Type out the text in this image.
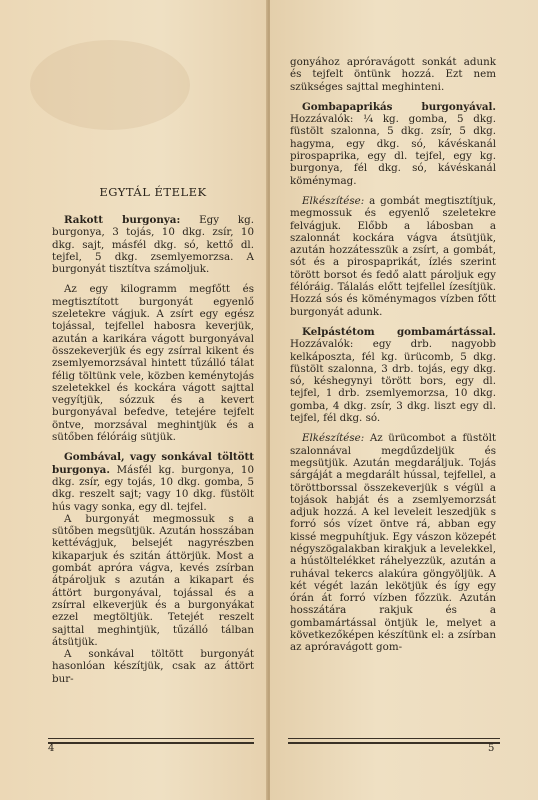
EGYTÁL ÉTELEK

Rakott burgonya: Egy kg. burgonya, 3 tojás, 10 dkg. zsír, 10 dkg. sajt, másfél dkg. só, kettő dl. tejfel, 5 dkg. zsemlyemorzsa. A burgonyát tisztítva számoljuk.

Az egy kilogramm megfőtt és megtisztított burgonyát egyenlő szeletekre vágjuk. A zsírt egy egész tojással, tejfellel habosra keverjük, azután a karikára vágott burgonyával összekeverjük és egy zsírral kikent és zsemlyemorzsával hintett tűzálló tálat félig töltünk vele, közben keménytojás szeletekkel és kockára vágott sajttal vegyítjük, sózzuk és a kevert burgonyával befedve, tetejére tejfelt öntve, morzsával meghintjük és a sütőben félóráig sütjük.

Gombával, vagy sonkával töltött burgonya. Másfél kg. burgonya, 10 dkg. zsír, egy tojás, 10 dkg. gomba, 5 dkg. reszelt sajt; vagy 10 dkg. füstölt hús vagy sonka, egy dl. tejfel.

A burgonyát megmossuk s a sütőben megsütjük. Azután hosszában kettévágjuk, belsejét nagyrészben kikaparjuk és szitán áttörjük. Most a gombát apróra vágva, kevés zsírban átpároljuk s azután a kikapart és áttört burgonyával, tojással és a zsírral elkeverjük és a burgonyákat ezzel megtöltjük. Tetejét reszelt sajttal meghintjük, tűzálló tálban átsütjük.

A sonkával töltött burgonyát hasonlóan készítjük, csak az áttört bur-

4

gonyához apróravágott sonkát adunk és tejfelt öntünk hozzá. Ezt nem szükséges sajttal meghinteni.

Gombapaprikás burgonyával. Hozzávalók: ¼ kg. gomba, 5 dkg. füstölt szalonna, 5 dkg. zsír, 5 dkg. hagyma, egy dkg. só, kávéskanál pirospaprika, egy dl. tejfel, egy kg. burgonya, fél dkg. só, kávéskanál köménymag.

Elkészítése: a gombát megtisztítjuk, megmossuk és egyenlő szeletekre felvágjuk. Előbb a lábosban a szalonnát kockára vágva átsütjük, azután hozzátesszük a zsírt, a gombát, sót és a pirospaprikát, ízlés szerint törött borsot és fedő alatt pároljuk egy félóráig. Tálalás előtt tejfellel ízesítjük. Hozzá sós és köménymagos vízben főtt burgonyát adunk.

Kelpástétom gombamártással. Hozzávalók: egy drb. nagyobb kelkáposzta, fél kg. ürücomb, 5 dkg. füstölt szalonna, 3 drb. tojás, egy dkg. só, késhegynyi törött bors, egy dl. tejfel, 1 drb. zsemlyemorzsa, 10 dkg. gomba, 4 dkg. zsír, 3 dkg. liszt egy dl. tejfel, fél dkg. só.

Elkészítése: Az ürücombot a füstölt szalonnával megdűzdeljük és megsütjük. Azután megdaráljuk. Tojás sárgáját a megdarált hússal, tejfellel, a töröttborssal összekeverjük s végül a tojások habját és a zsemlyemorzsát adjuk hozzá. A kel leveleit leszedjük s forró sós vízet öntve rá, abban egy kissé megpuhítjuk. Egy vászon közepét négyszögalakban kirakjuk a levelekkel, a hústöltelékket ráhelyezzük, azután a ruhával tekercs alakúra göngyöljük. A két végét lazán lekötjük és így egy órán át forró vízben főzzük. Azután hosszátára rakjuk és a gombamártással öntjük le, melyet a következőképen készítünk el: a zsírban az apróravágott gom-

5
